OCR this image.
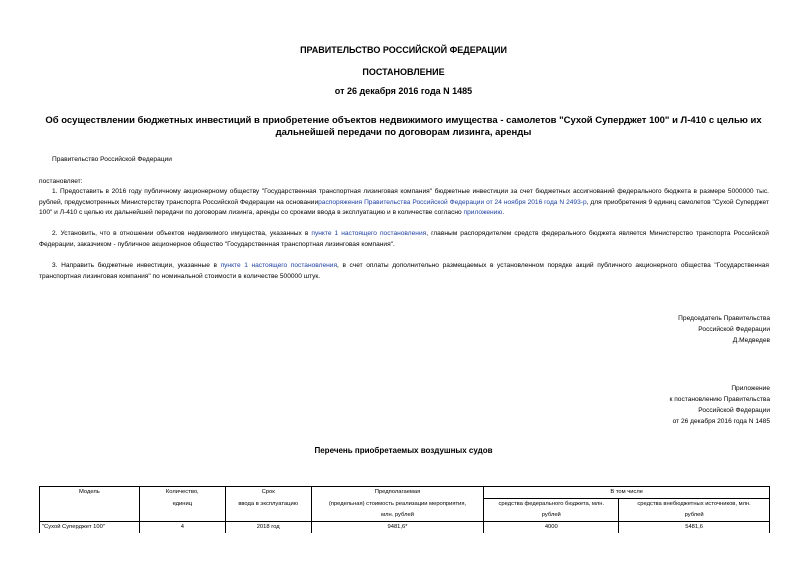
ПРАВИТЕЛЬСТВО РОССИЙСКОЙ ФЕДЕРАЦИИ
ПОСТАНОВЛЕНИЕ
от 26 декабря 2016 года N 1485
Об осуществлении бюджетных инвестиций в приобретение объектов недвижимого имущества - самолетов "Сухой Суперджет 100" и Л-410 с целью их дальнейшей передачи по договорам лизинга, аренды
Правительство Российской Федерации
постановляет:
1. Предоставить в 2016 году публичному акционерному обществу "Государственная транспортная лизинговая компания" бюджетные инвестиции за счет бюджетных ассигнований федерального бюджета в размере 5000000 тыс. рублей, предусмотренных Министерству транспорта Российской Федерации на основаниираспоряжения Правительства Российской Федерации от 24 ноября 2016 года N 2493-р, для приобретения 9 единиц самолетов "Сухой Суперджет 100" и Л-410 с целью их дальнейшей передачи по договорам лизинга, аренды со сроками ввода в эксплуатацию и в количестве согласно приложению.
2. Установить, что в отношении объектов недвижимого имущества, указанных в пункте 1 настоящего постановления, главным распорядителем средств федерального бюджета является Министерство транспорта Российской Федерации, заказчиком - публичное акционерное общество "Государственная транспортная лизинговая компания".
3. Направить бюджетные инвестиции, указанные в пункте 1 настоящего постановления, в счет оплаты дополнительно размещаемых в установленном порядке акций публичного акционерного общества "Государственная транспортная лизинговая компания" по номинальной стоимости в количестве 500000 штук.
Председатель Правительства
Российской Федерации
Д.Медведев
Приложение
к постановлению Правительства
Российской Федерации
от 26 декабря 2016 года N 1485
Перечень приобретаемых воздушных судов
Модель	Количество,	Срок	Предполагаемая	В том числе	
	единиц	ввода в эксплуатацию	(предельная) стоимость реализации мероприятия,	средства федерального бюджета, млн.	средства внебюджетных источников, млн.
			млн. рублей	рублей	рублей
"Сухой Суперджет 100"	4	2018 год	9481,6*	4000	5481,6
